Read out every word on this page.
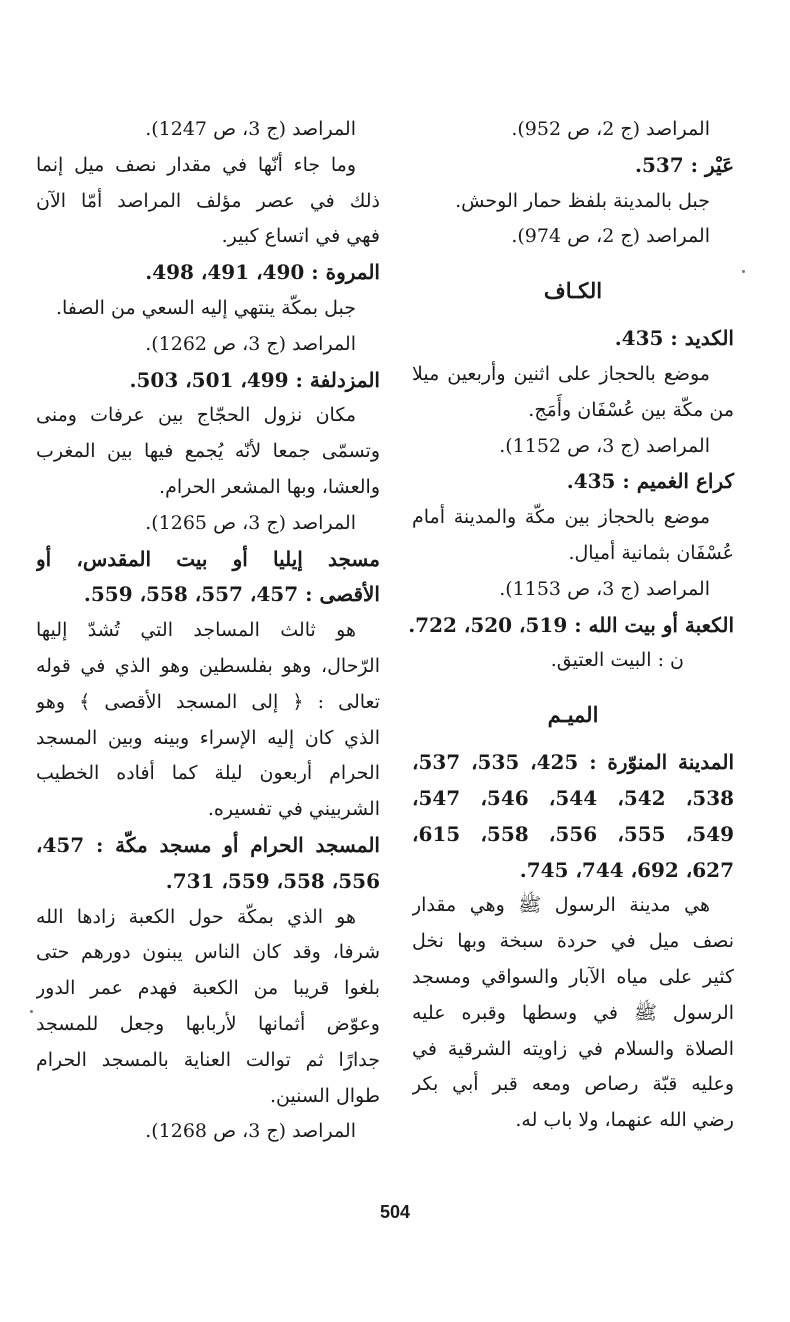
المراصد (ج 2، ص 952).
عَيْر : 537.
جبل بالمدينة بلفظ حمار الوحش.
المراصد (ج 2، ص 974).
الكـاف
الكديد : 435.
موضع بالحجاز على اثنين وأربعين ميلا
من مكّة بين عُسْفَان وأَمَج.
المراصد (ج 3، ص 1152).
كراع الغميم : 435.
موضع بالحجاز بين مكّة والمدينة أمام
عُسْفَان بثمانية أميال.
المراصد (ج 3، ص 1153).
الكعبة أو بيت الله : 519، 520، 722.
ن : البيت العتيق.
الميـم
المدينة المنوّرة : 425، 535، 537،
538، 542، 544، 546، 547،
549، 555، 556، 558، 615،
627، 692، 744، 745.
هي مدينة الرسول ﷺ وهي مقدار
نصف ميل في حردة سبخة وبها نخل
كثير على مياه الآبار والسواقي ومسجد
الرسول ﷺ في وسطها وقبره عليه
الصلاة والسلام في زاويته الشرقية في
وعليه قبّة رصاص ومعه قبر أبي بكر
رضي الله عنهما، ولا باب له.
المراصد (ج 3، ص 1247).
وما جاء أنّها في مقدار نصف ميل إنما
ذلك في عصر مؤلف المراصد أمّا الآن
فهي في اتساع كبير.
المروة : 490، 491، 498.
جبل بمكّة ينتهي إليه السعي من الصفا.
المراصد (ج 3، ص 1262).
المزدلفة : 499، 501، 503.
مكان نزول الحجّاج بين عرفات ومنى
وتسمّى جمعا لأنّه يُجمع فيها بين المغرب
والعشا، وبها المشعر الحرام.
المراصد (ج 3، ص 1265).
مسجد إيليا أو بيت المقدس، أو
الأقصى : 457، 557، 558، 559.
هو ثالث المساجد التي تُشدّ إليها
الرّحال، وهو بفلسطين وهو الذي في قوله
تعالى : ﴿ إلى المسجد الأقصى ﴾ وهو
الذي كان إليه الإسراء وبينه وبين المسجد
الحرام أربعون ليلة كما أفاده الخطيب
الشربيني في تفسيره.
المسجد الحرام أو مسجد مكّة : 457،
556، 558، 559، 731.
هو الذي بمكّة حول الكعبة زادها الله
شرفا، وقد كان الناس يبنون دورهم حتى
بلغوا قريبا من الكعبة فهدم عمر الدور
وعوّض أثمانها لأربابها وجعل للمسجد
جدارًا ثم توالت العناية بالمسجد الحرام
طوال السنين.
المراصد (ج 3، ص 1268).
504
